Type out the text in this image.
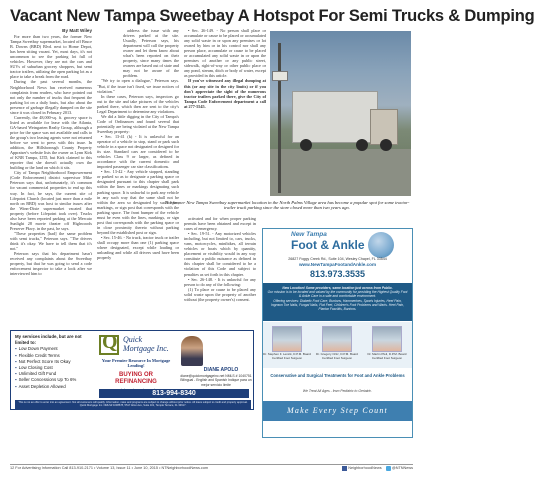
Vacant New Tampa Sweetbay A Hotspot For Semi Trucks & Dumping
By Matt Wiley

For more than two years, the former New Tampa Sweetbay supermarket, located off Bruce B. Downs (BBD) Blvd. next to Home Depot, has been sitting vacant. Yet, most days, it's not uncommon to see the parking lot full of vehicles. However, they are not the cars and SUVs of suburban grocery shoppers, but semi tractor trailers, utilizing the open parking lot as a place to take a break from the road.

During the past several months, the Neighborhood News has received numerous complaints from readers, who have pointed out not only the number of trucks that frequent the parking lot on a daily basis, but also about the presence of garbage illegally dumped on the site since it was closed in February 2013.

Currently, the 48,000-sq. ft. grocery space is listed as available for lease with the Atlanta, GA-based Weingarten Realty Group, although a price for the space was not available and calls to the group's two leasing agents were not returned before we went to press with this issue. In addition, the Hillsborough County Property Appraiser's website lists the owner as Lynn Kirk of KNR Tampa, LTD, but Kirk claimed to this reporter that she doesn't actually own the building or the land on which it sits.

City of Tampa Neighborhood Empowerment (Code Enforcement) district supervisor Mike Peterson says that, unfortunately, it's common for vacant commercial properties to end up this way. In fact, he says, the current site of Lifepoint Church (located just more than a mile north on BBD) was host to similar issues after the Winn-Dixie supermarket vacated that property (before Lifepoint took over). Trucks also have been reported parking at the Mercato Sunlight 28 movie theater off Highwoods Preserve Pkwy. in the past, he says.

"These properties [had] the same problem with semi trucks," Peterson says. "The drivers think it's okay. We have to tell them that it's not."

Peterson says that his department hasn't received any complaints about the Sweetbay property, but that he was going to send a code enforcement inspector to take a look after we interviewed him to

address the issue with any drivers parked at the site. Usually, Peterson says, his department will call the property owner and let them know about what's been reported on their property, since many times the owners are based out of state and may not be aware of the problem.

"We try to open a dialogue," Peterson says. "But, if the issue isn't fixed, we issue notices of violation."

In these cases, Peterson says, inspectors go out to the site and take pictures of the vehicles parked there, which then are sent to the city's Legal Department to determine any violations.

We did a little digging in the City of Tampa's Code of Ordinances and found several that potentially are being violated at the New Tampa Sweetbay property:

• Sec. 13-41 (k) - It is unlawful for an operator of a vehicle to stop, stand or park such vehicle in a space not designated or designed for its size. Standard cars are considered to be vehicles Class 9 or larger, as defined in accordance with the current domestic and imported passenger car size classifications.

• Sec. 13-42 - Any vehicle stopped, standing or parked so as to designate a parking space or designated pursuant to this chapter shall park within the lines or markings designating such parking space. It is unlawful to park any vehicle in any such way that the same shall not be within the area so designated by such lines, markings, or sign post that corresponds with the parking space. The front bumper of the vehicle must be even with the lines, markings, or sign post that corresponds with the parking space or in close proximity thereto without parking beyond the established post or sign.

• Sec. 15-46. - No truck, tractor truck or trailer shall occupy more than one (1) parking space where designated, except while loading or unloading and while all drivers used have been properly

activated and for when proper parking permits have been obtained and except in cases of emergency.

• Sec. 19-51. - Any motorized vehicles including, but not limited to, cars, trucks, vans, motorcycles, minibikes, all terrain vehicles or boats which by quantity, placement or visibility would in any way constitute a public nuisance as defined in this chapter shall be considered to be a violation of this Code and subject to penalties as set forth in this chapter.

• Sec. 26-148. - It is unlawful for any person to do any of the following:

(1) To place or cause to be placed any solid waste upon the property of another without (the property owner's) consent.

• Sec. 26-149. - No person shall place or accumulate or cause to be placed or accumulated any solid waste in or upon any premises or lot owned by him or in his control nor shall any person place, accumulate or cause to be placed or accumulated any solid waste in or upon the premises of another or any public street, sidewalk, right-of-way or other public place or any pond, stream, ditch or body of water, except as provided in this article.

If you've witnessed any illegal dumping at this (or any site in the city limits) or if you don't appreciate the sight of the numerous tractor trailers parked there, give the City of Tampa Code Enforcement department a call at 277-5545.

The former New Tampa Sweetbay supermarket location in the North Palms Village area has become a popular spot for some tractor-trailer truck parking since the store closed more than two years ago.
My services include, but are not limited to:
▪ Low Down Payment
▪ Flexible Credit Terms
▪ Not Perfect Score Its Okay
▪ Low Closing Cost
▪ Unlimited Gift Fund
▪ Seller Concessions Up To 6%
▪ Asset Depletion Allowed
Q Quick
Mortgage Inc.
Your Premier Resource In Mortgage Lending!
BUYING OR
REFINANCING
DIANE APOLO
diane@quickmortgageinc.net NMLS # 1040751 Bilingual - English and Spanish Indique para un mejor servicio limite
813-994-8340
This is not an offer to enter into an agreement. Not all customers will qualify. Information, rates and programs are subject to change without prior notice. All loans subject to credit and property approval. Quick Mortgage Inc. NMLS# 1038578, 5517 Alton Ave, Suite 101, Temple Terrace, FL 33617.
New Tampa
Foot & Ankle
26827 Foggy Creek Rd., Suite 104, Wesley Chapel, FL 33544
www.NewTampaFootandAnkle.com
813.973.3535
New Location! Same providers, same location just across from Publix.
Our mission is to be located and valued by the community for providing the Highest Quality Foot & Ankle Care in a safe and comfortable environment.
Offering services: Diabetic Foot Care, Bunions, Hammertoes, Sports Injuries, Heel Pain, Ingrown Toe Nails, Fungal Nails, Flat Feet, Children's Foot Problems and Warts. Heel Pain, Plantar Fasciitis, Bunions.
Dr. Stephen F. Lenick, D.P.M. Board Certified Foot Surgeon
Dr. Gregory Ortiz, D.P.M. Board Certified Foot Surgeon
Dr. Martin Pfeil, D.P.M. Board Certified Foot Surgeon
Conservative and Surgical Treatments for Foot and Ankle Problems
We Treat All Ages - from Pediatric to Geriatric.
Make Every Step Count
12 For Advertising Information Call 813-910-2171 • Volume 13, Issue 11 • June 10, 2015 • NTNeighborhoodNews.com	NeighborhoodNews	@NTNNews
